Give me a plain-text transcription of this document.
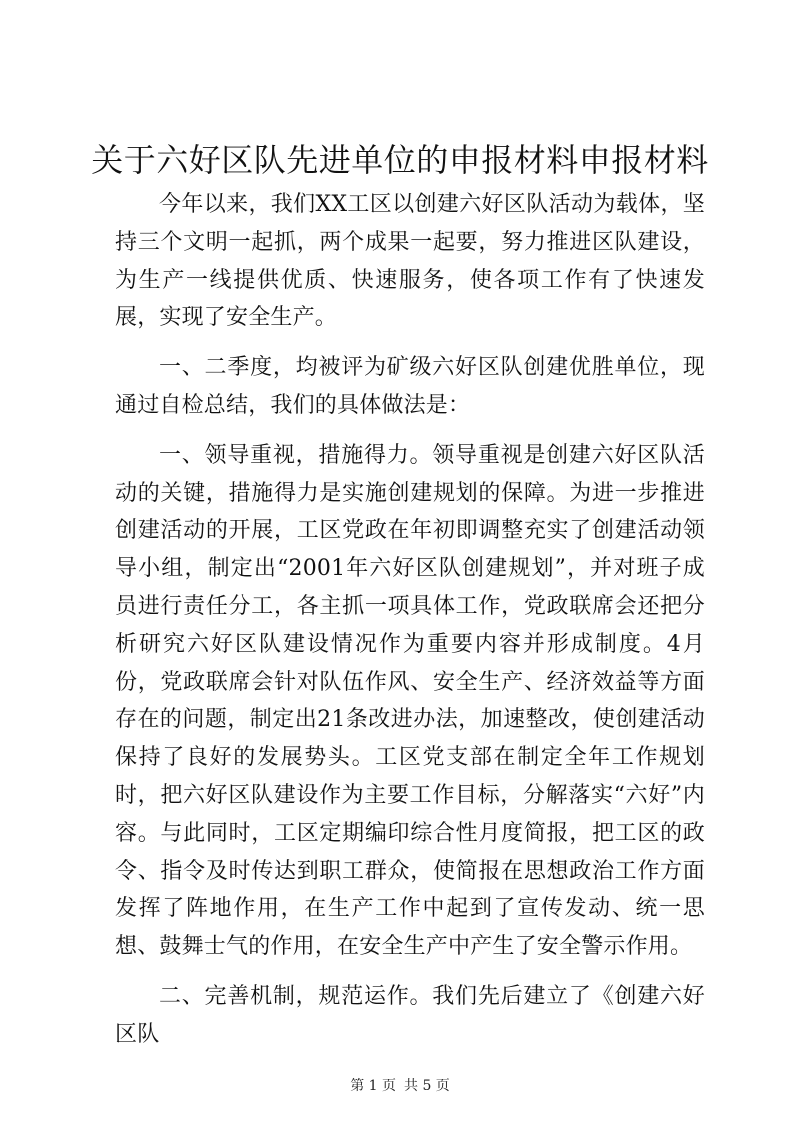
关于六好区队先进单位的申报材料申报材料

今年以来，我们XX工区以创建六好区队活动为载体，坚持三个文明一起抓，两个成果一起要，努力推进区队建设，为生产一线提供优质、快速服务，使各项工作有了快速发展，实现了安全生产。

一、二季度，均被评为矿级六好区队创建优胜单位，现通过自检总结，我们的具体做法是：

一、领导重视，措施得力。领导重视是创建六好区队活动的关键，措施得力是实施创建规划的保障。为进一步推进创建活动的开展，工区党政在年初即调整充实了创建活动领导小组，制定出“2001年六好区队创建规划”，并对班子成员进行责任分工，各主抓一项具体工作，党政联席会还把分析研究六好区队建设情况作为重要内容并形成制度。4月份，党政联席会针对队伍作风、安全生产、经济效益等方面存在的问题，制定出21条改进办法，加速整改，使创建活动保持了良好的发展势头。工区党支部在制定全年工作规划时，把六好区队建设作为主要工作目标，分解落实“六好”内容。与此同时，工区定期编印综合性月度简报，把工区的政令、指令及时传达到职工群众，使简报在思想政治工作方面发挥了阵地作用，在生产工作中起到了宣传发动、统一思想、鼓舞士气的作用，在安全生产中产生了安全警示作用。

二、完善机制，规范运作。我们先后建立了《创建六好区队

第 1 页 共 5 页
